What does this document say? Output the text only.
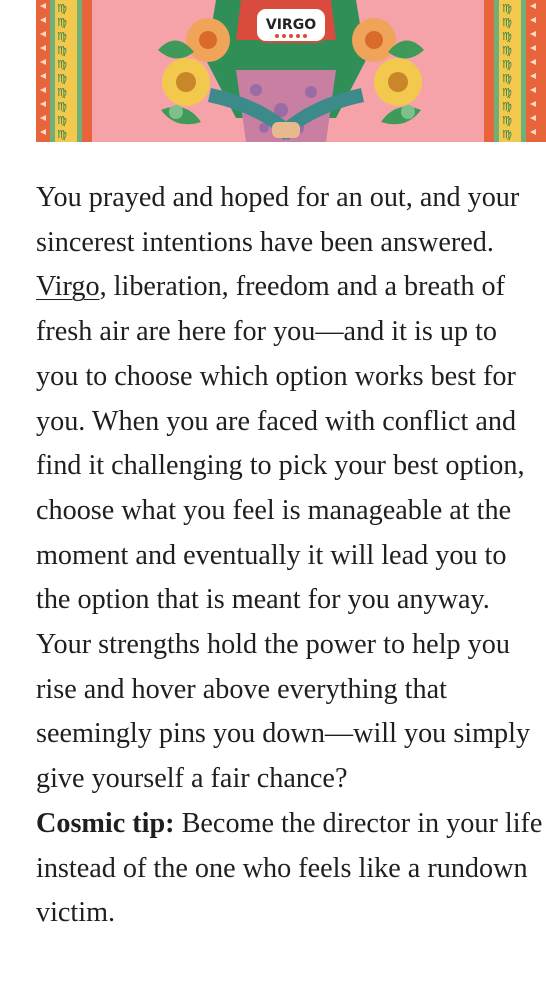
♍
♍
♍
♍
♍
♍
♍
♍
♍
♍
♍
♍
♍
♍
♍
♍
♍
♍
♍
♍
VIRGO

You prayed and hoped for an out, and your
sincerest intentions have been answered.
Virgo, liberation, freedom and a breath of
fresh air are here for you—and it is up to
you to choose which option works best for
you. When you are faced with conflict and
find it challenging to pick your best option,
choose what you feel is manageable at the
moment and eventually it will lead you to
the option that is meant for you anyway.
Your strengths hold the power to help you
rise and hover above everything that
seemingly pins you down—will you simply
give yourself a fair chance?

Cosmic tip: Become the director in your life
instead of the one who feels like a rundown
victim.
